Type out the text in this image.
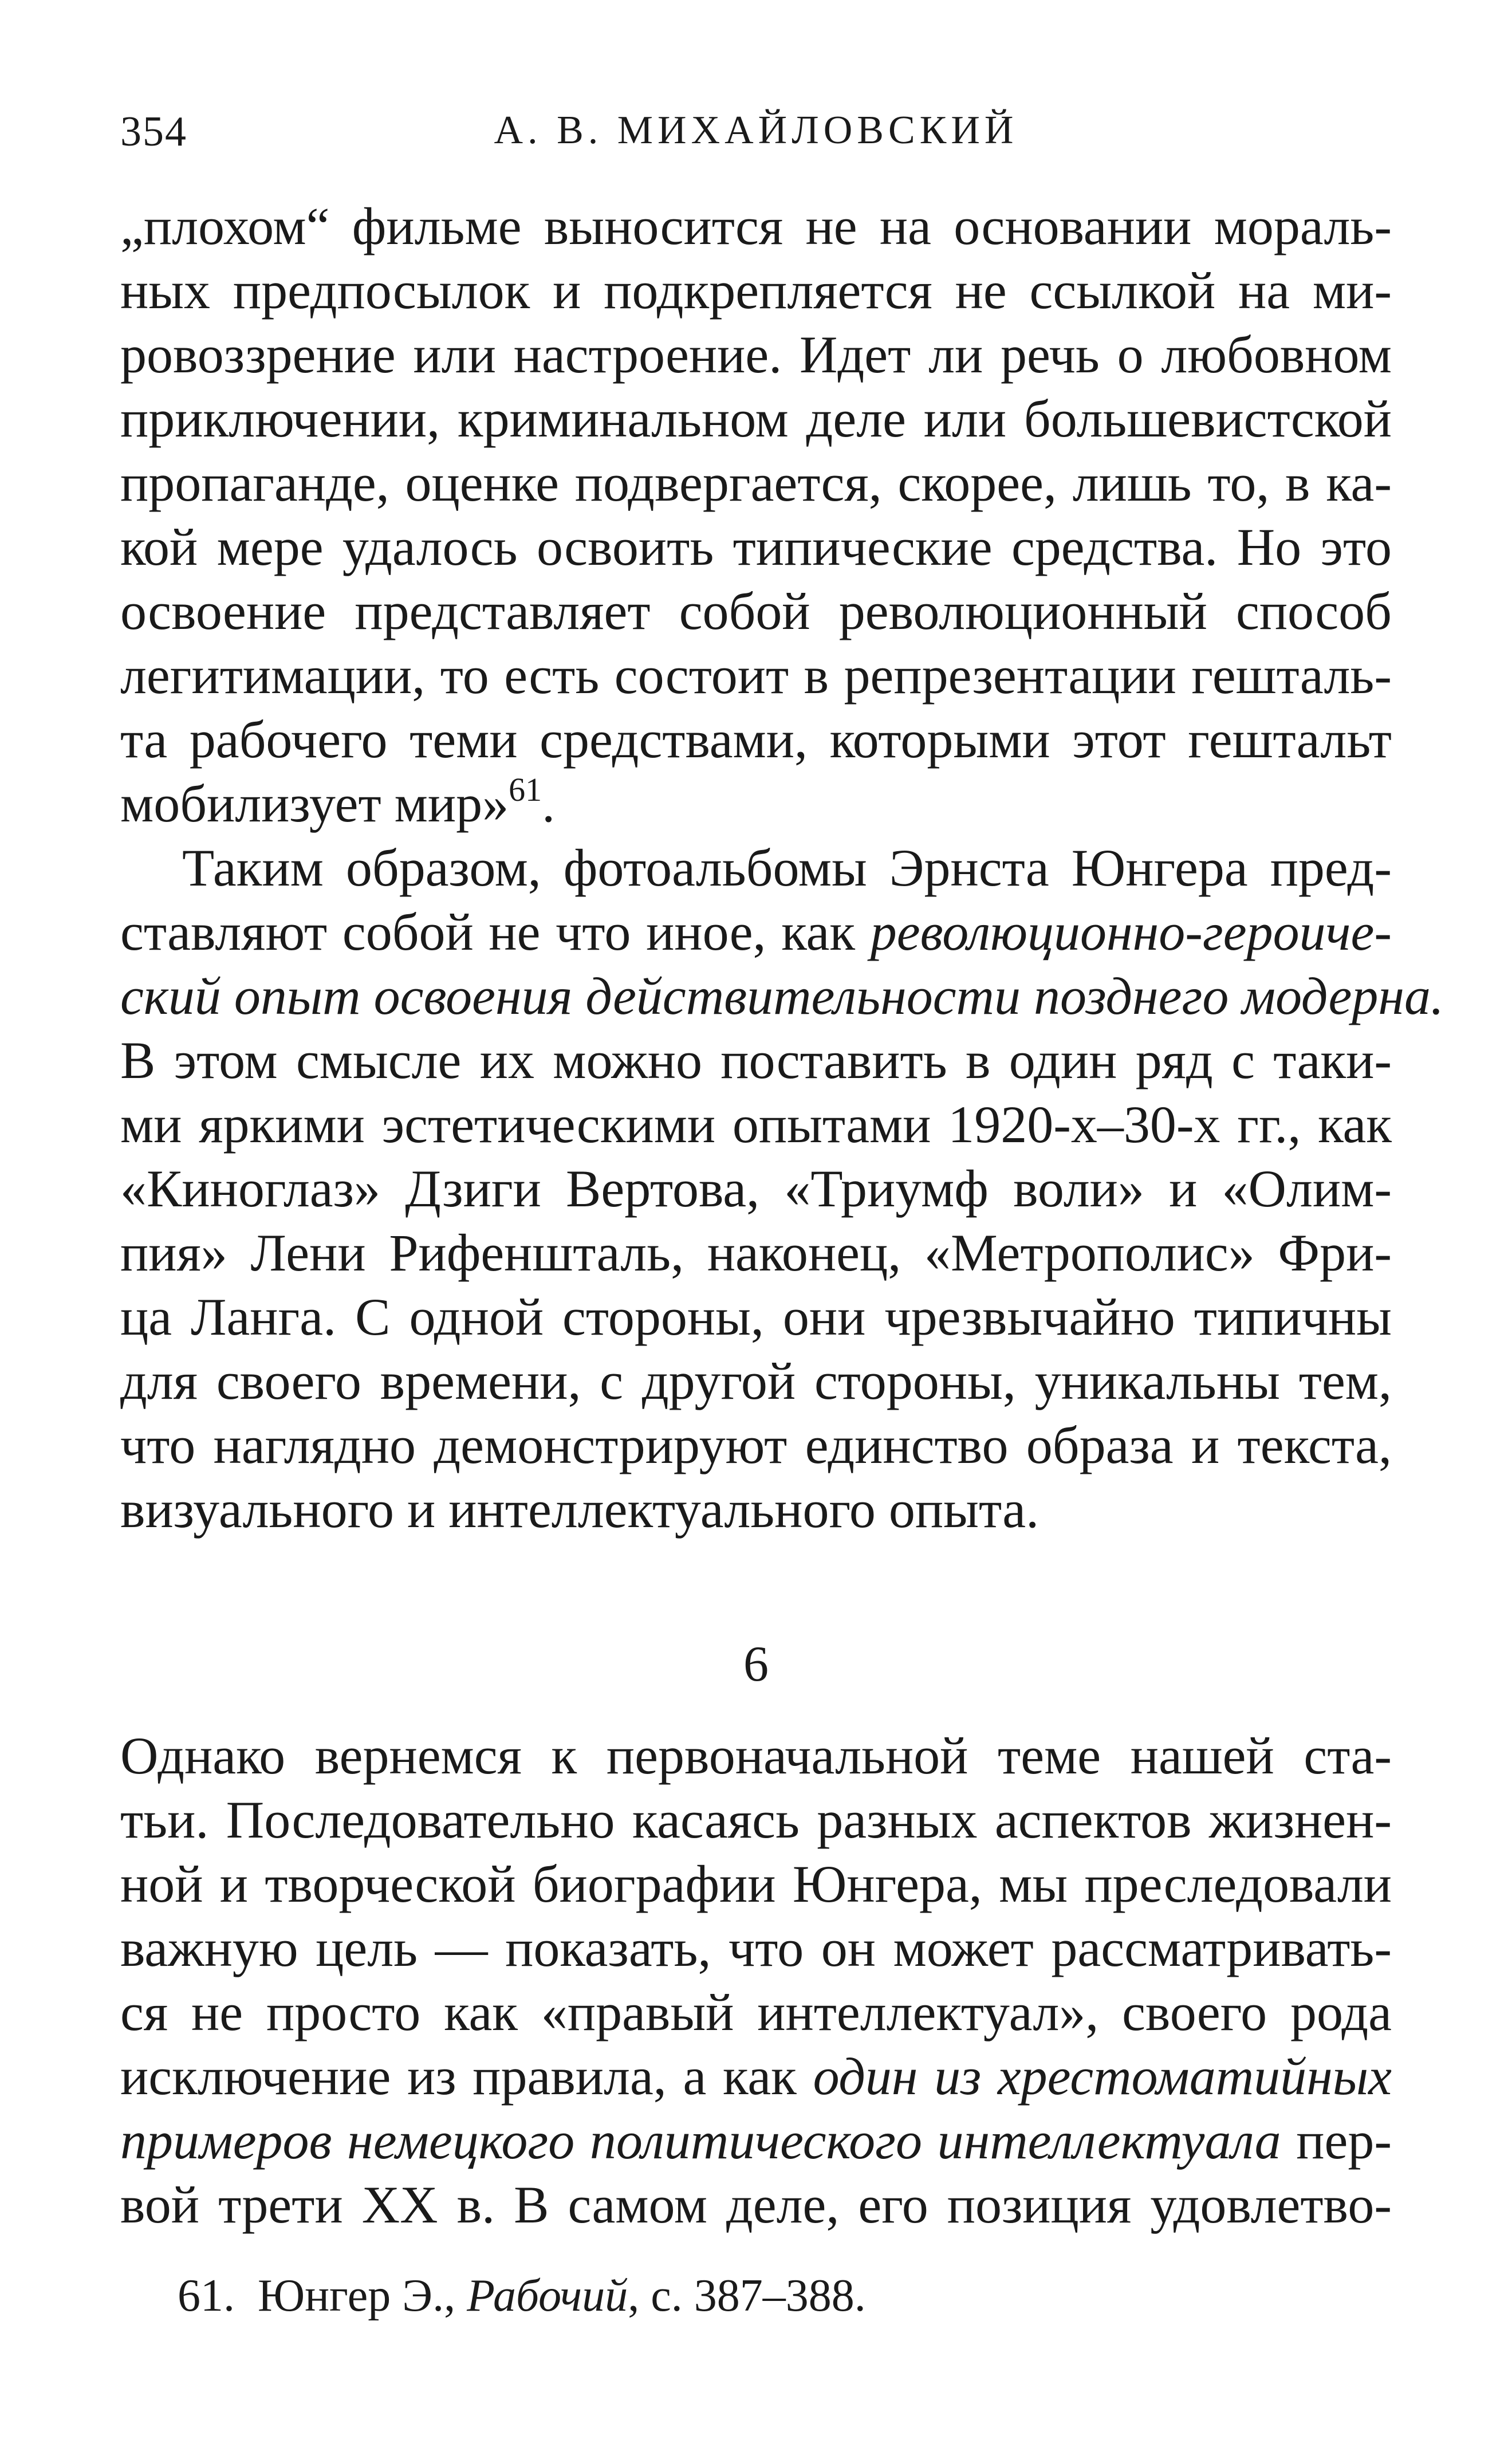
354	А. В. МИХАЙЛОВСКИЙ
„плохом“ фильме выносится не на основании мораль-
ных предпосылок и подкрепляется не ссылкой на ми-
ровоззрение или настроение. Идет ли речь о любовном
приключении, криминальном деле или большевистской
пропаганде, оценке подвергается, скорее, лишь то, в ка-
кой мере удалось освоить типические средства. Но это
освоение представляет собой революционный способ
легитимации, то есть состоит в репрезентации гешталь-
та рабочего теми средствами, которыми этот гештальт
мобилизует мир»$^{61}$.
Таким образом, фотоальбомы Эрнста Юнгера пред-
ставляют собой не что иное, как революционно-героиче-
ский опыт освоения действительности позднего модерна.
В этом смысле их можно поставить в один ряд с таки-
ми яркими эстетическими опытами 1920-х–30-х гг., как
«Киноглаз» Дзиги Вертова, «Триумф воли» и «Олим-
пия» Лени Рифеншталь, наконец, «Метрополис» Фри-
ца Ланга. С одной стороны, они чрезвычайно типичны
для своего времени, с другой стороны, уникальны тем,
что наглядно демонстрируют единство образа и текста,
визуального и интеллектуального опыта.
6
Однако вернемся к первоначальной теме нашей ста-
тьи. Последовательно касаясь разных аспектов жизнен-
ной и творческой биографии Юнгера, мы преследовали
важную цель — показать, что он может рассматривать-
ся не просто как «правый интеллектуал», своего рода
исключение из правила, а как один из хрестоматийных
примеров немецкого политического интеллектуала пер-
вой трети XX в. В самом деле, его позиция удовлетво-
61. Юнгер Э., Рабочий, с. 387–388.
